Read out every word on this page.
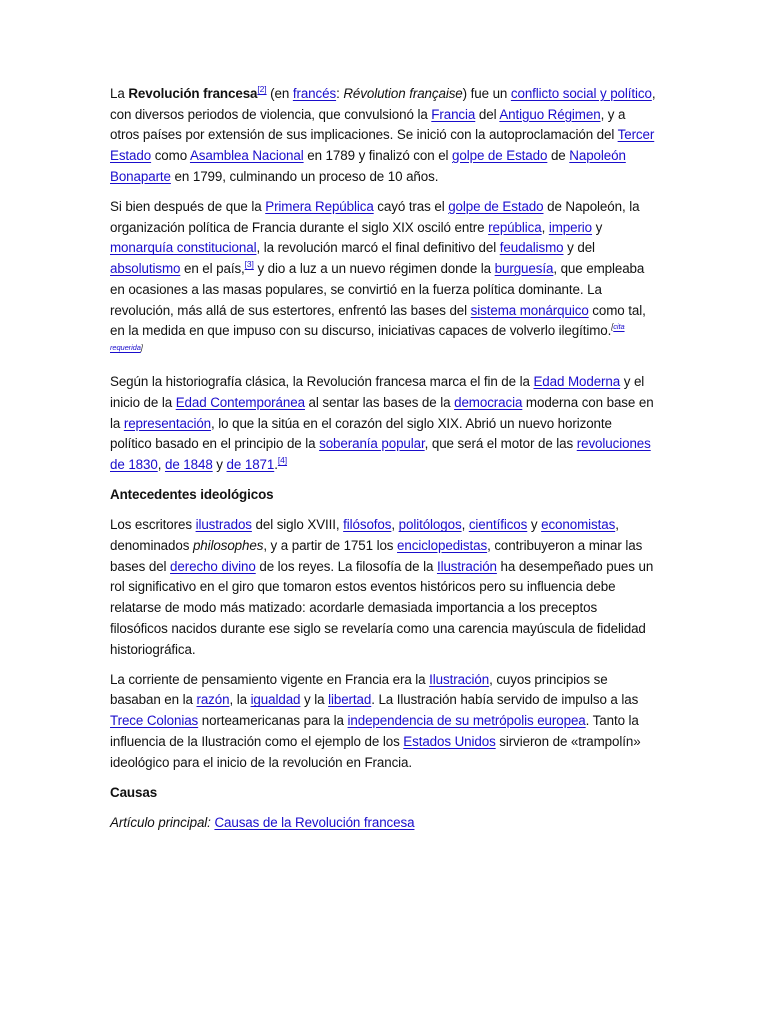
La Revolución francesa[2] (en francés: Révolution française) fue un conflicto social y político, con diversos periodos de violencia, que convulsionó la Francia del Antiguo Régimen, y a otros países por extensión de sus implicaciones. Se inició con la autoproclamación del Tercer Estado como Asamblea Nacional en 1789 y finalizó con el golpe de Estado de Napoleón Bonaparte en 1799, culminando un proceso de 10 años.

Si bien después de que la Primera República cayó tras el golpe de Estado de Napoleón, la organización política de Francia durante el siglo XIX osciló entre república, imperio y monarquía constitucional, la revolución marcó el final definitivo del feudalismo y del absolutismo en el país,[3] y dio a luz a un nuevo régimen donde la burguesía, que empleaba en ocasiones a las masas populares, se convirtió en la fuerza política dominante. La revolución, más allá de sus estertores, enfrentó las bases del sistema monárquico como tal, en la medida en que impuso con su discurso, iniciativas capaces de volverlo ilegítimo.[cita requerida]

Según la historiografía clásica, la Revolución francesa marca el fin de la Edad Moderna y el inicio de la Edad Contemporánea al sentar las bases de la democracia moderna con base en la representación, lo que la sitúa en el corazón del siglo XIX. Abrió un nuevo horizonte político basado en el principio de la soberanía popular, que será el motor de las revoluciones de 1830, de 1848 y de 1871.[4]

Antecedentes ideológicos

Los escritores ilustrados del siglo XVIII, filósofos, politólogos, científicos y economistas, denominados philosophes, y a partir de 1751 los enciclopedistas, contribuyeron a minar las bases del derecho divino de los reyes. La filosofía de la Ilustración ha desempeñado pues un rol significativo en el giro que tomaron estos eventos históricos pero su influencia debe relatarse de modo más matizado: acordarle demasiada importancia a los preceptos filosóficos nacidos durante ese siglo se revelaría como una carencia mayúscula de fidelidad historiográfica.

La corriente de pensamiento vigente en Francia era la Ilustración, cuyos principios se basaban en la razón, la igualdad y la libertad. La Ilustración había servido de impulso a las Trece Colonias norteamericanas para la independencia de su metrópolis europea. Tanto la influencia de la Ilustración como el ejemplo de los Estados Unidos sirvieron de «trampolín» ideológico para el inicio de la revolución en Francia.

Causas

Artículo principal: Causas de la Revolución francesa
